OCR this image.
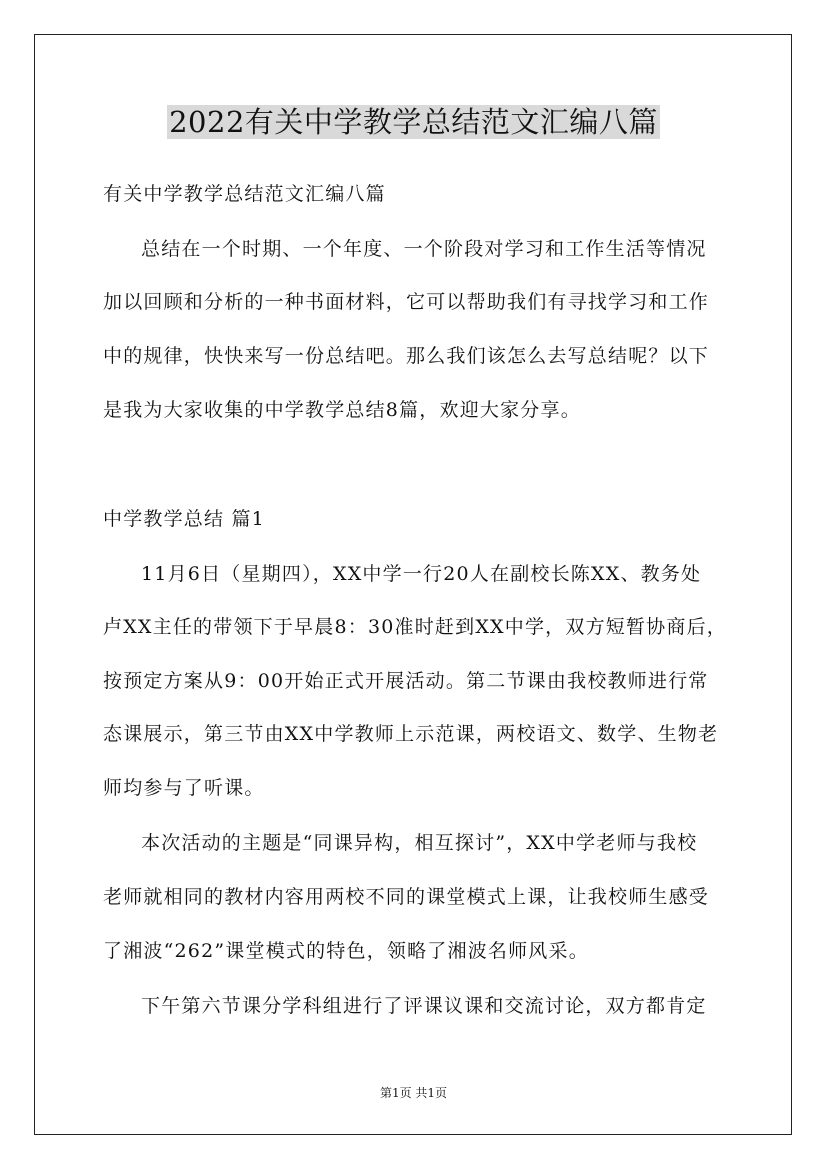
2022有关中学教学总结范文汇编八篇
有关中学教学总结范文汇编八篇
总结在一个时期、一个年度、一个阶段对学习和工作生活等情况
加以回顾和分析的一种书面材料，它可以帮助我们有寻找学习和工作
中的规律，快快来写一份总结吧。那么我们该怎么去写总结呢？以下
是我为大家收集的中学教学总结8篇，欢迎大家分享。
中学教学总结 篇1
11月6日（星期四），XX中学一行20人在副校长陈XX、教务处
卢XX主任的带领下于早晨8：30准时赶到XX中学，双方短暂协商后，
按预定方案从9：00开始正式开展活动。第二节课由我校教师进行常
态课展示，第三节由XX中学教师上示范课，两校语文、数学、生物老
师均参与了听课。
本次活动的主题是“同课异构，相互探讨”，XX中学老师与我校
老师就相同的教材内容用两校不同的课堂模式上课，让我校师生感受
了湘波“262”课堂模式的特色，领略了湘波名师风采。
下午第六节课分学科组进行了评课议课和交流讨论，双方都肯定
第1页 共1页
